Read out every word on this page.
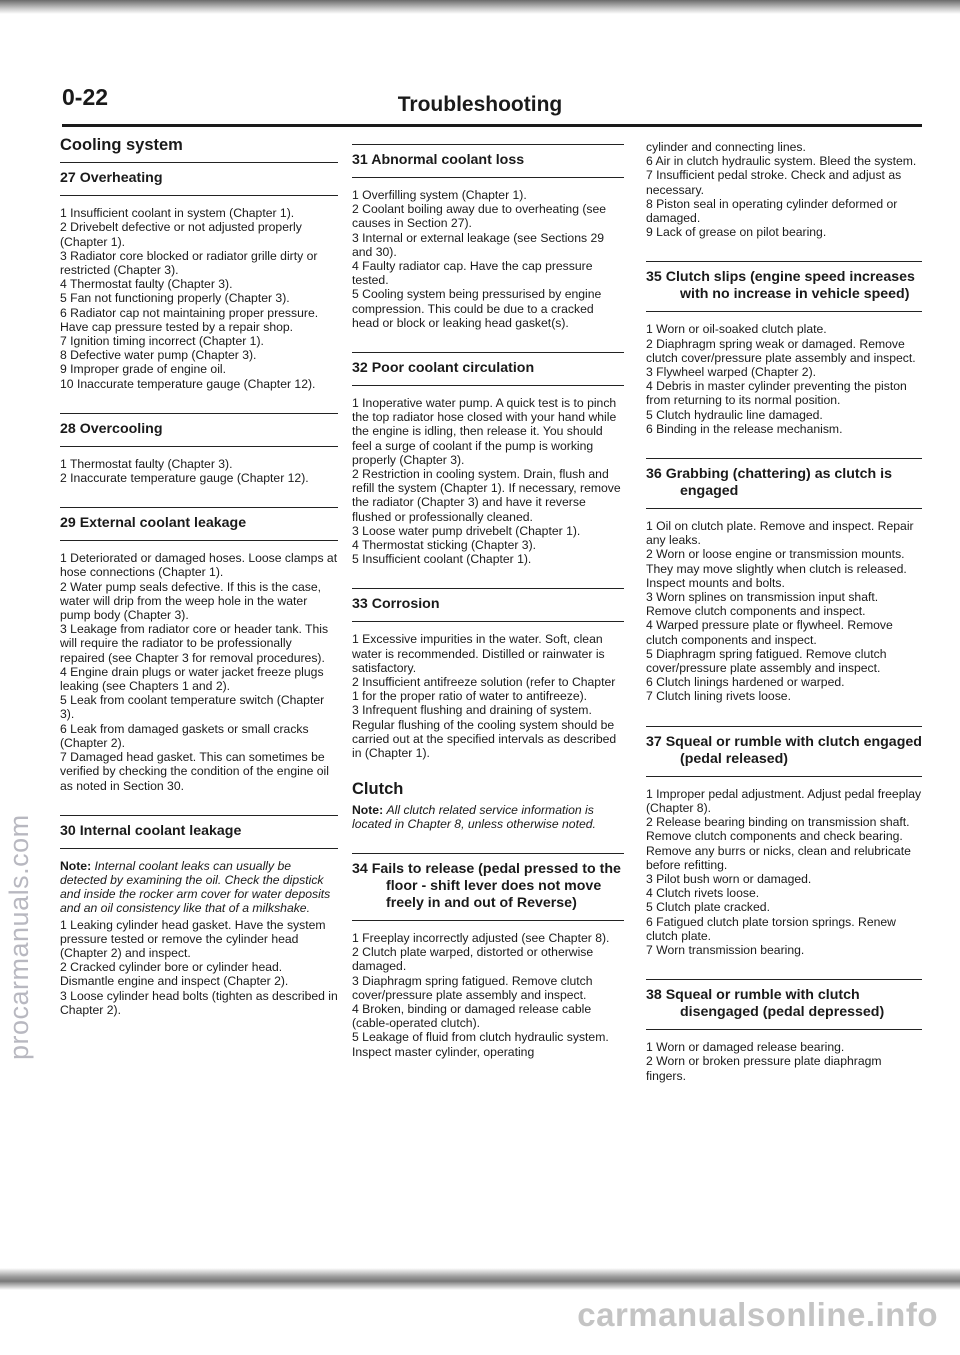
0-22	Troubleshooting
Cooling system
27 Overheating

1 Insufficient coolant in system (Chapter 1).

2 Drivebelt defective or not adjusted properly (Chapter 1).

3 Radiator core blocked or radiator grille dirty or restricted (Chapter 3).

4 Thermostat faulty (Chapter 3).

5 Fan not functioning properly (Chapter 3).

6 Radiator cap not maintaining proper pressure. Have cap pressure tested by a repair shop.

7 Ignition timing incorrect (Chapter 1).

8 Defective water pump (Chapter 3).

9 Improper grade of engine oil.

10 Inaccurate temperature gauge (Chapter 12).

28 Overcooling

1 Thermostat faulty (Chapter 3).

2 Inaccurate temperature gauge (Chapter 12).

29 External coolant leakage

1 Deteriorated or damaged hoses. Loose clamps at hose connections (Chapter 1).

2 Water pump seals defective. If this is the case, water will drip from the weep hole in the water pump body (Chapter 3).

3 Leakage from radiator core or header tank. This will require the radiator to be professionally repaired (see Chapter 3 for removal procedures).

4 Engine drain plugs or water jacket freeze plugs leaking (see Chapters 1 and 2).

5 Leak from coolant temperature switch (Chapter 3).

6 Leak from damaged gaskets or small cracks (Chapter 2).

7 Damaged head gasket. This can sometimes be verified by checking the condition of the engine oil as noted in Section 30.

30 Internal coolant leakage

Note: Internal coolant leaks can usually be detected by examining the oil. Check the dipstick and inside the rocker arm cover for water deposits and an oil consistency like that of a milkshake.

1 Leaking cylinder head gasket. Have the system pressure tested or remove the cylinder head (Chapter 2) and inspect.

2 Cracked cylinder bore or cylinder head. Dismantle engine and inspect (Chapter 2).

3 Loose cylinder head bolts (tighten as described in Chapter 2).

31 Abnormal coolant loss

1 Overfilling system (Chapter 1).

2 Coolant boiling away due to overheating (see causes in Section 27).

3 Internal or external leakage (see Sections 29 and 30).

4 Faulty radiator cap. Have the cap pressure tested.

5 Cooling system being pressurised by engine compression. This could be due to a cracked head or block or leaking head gasket(s).

32 Poor coolant circulation

1 Inoperative water pump. A quick test is to pinch the top radiator hose closed with your hand while the engine is idling, then release it. You should feel a surge of coolant if the pump is working properly (Chapter 3).

2 Restriction in cooling system. Drain, flush and refill the system (Chapter 1). If necessary, remove the radiator (Chapter 3) and have it reverse flushed or professionally cleaned.

3 Loose water pump drivebelt (Chapter 1).

4 Thermostat sticking (Chapter 3).

5 Insufficient coolant (Chapter 1).

33 Corrosion

1 Excessive impurities in the water. Soft, clean water is recommended. Distilled or rainwater is satisfactory.

2 Insufficient antifreeze solution (refer to Chapter 1 for the proper ratio of water to antifreeze).

3 Infrequent flushing and draining of system. Regular flushing of the cooling system should be carried out at the specified intervals as described in (Chapter 1).

Clutch

Note: All clutch related service information is located in Chapter 8, unless otherwise noted.

34 Fails to release (pedal pressed to the floor - shift lever does not move freely in and out of Reverse)

1 Freeplay incorrectly adjusted (see Chapter 8).

2 Clutch plate warped, distorted or otherwise damaged.

3 Diaphragm spring fatigued. Remove clutch cover/pressure plate assembly and inspect.

4 Broken, binding or damaged release cable (cable-operated clutch).

5 Leakage of fluid from clutch hydraulic system. Inspect master cylinder, operating

cylinder and connecting lines.

6 Air in clutch hydraulic system. Bleed the system.

7 Insufficient pedal stroke. Check and adjust as necessary.

8 Piston seal in operating cylinder deformed or damaged.

9 Lack of grease on pilot bearing.

35 Clutch slips (engine speed increases with no increase in vehicle speed)

1 Worn or oil-soaked clutch plate.

2 Diaphragm spring weak or damaged. Remove clutch cover/pressure plate assembly and inspect.

3 Flywheel warped (Chapter 2).

4 Debris in master cylinder preventing the piston from returning to its normal position.

5 Clutch hydraulic line damaged.

6 Binding in the release mechanism.

36 Grabbing (chattering) as clutch is engaged

1 Oil on clutch plate. Remove and inspect. Repair any leaks.

2 Worn or loose engine or transmission mounts. They may move slightly when clutch is released. Inspect mounts and bolts.

3 Worn splines on transmission input shaft. Remove clutch components and inspect.

4 Warped pressure plate or flywheel. Remove clutch components and inspect.

5 Diaphragm spring fatigued. Remove clutch cover/pressure plate assembly and inspect.

6 Clutch linings hardened or warped.

7 Clutch lining rivets loose.

37 Squeal or rumble with clutch engaged (pedal released)

1 Improper pedal adjustment. Adjust pedal freeplay (Chapter 8).

2 Release bearing binding on transmission shaft. Remove clutch components and check bearing. Remove any burrs or nicks, clean and relubricate before refitting.

3 Pilot bush worn or damaged.

4 Clutch rivets loose.

5 Clutch plate cracked.

6 Fatigued clutch plate torsion springs. Renew clutch plate.

7 Worn transmission bearing.

38 Squeal or rumble with clutch disengaged (pedal depressed)

1 Worn or damaged release bearing.

2 Worn or broken pressure plate diaphragm fingers.

procarmanuals.com
carmanualsonline.info
